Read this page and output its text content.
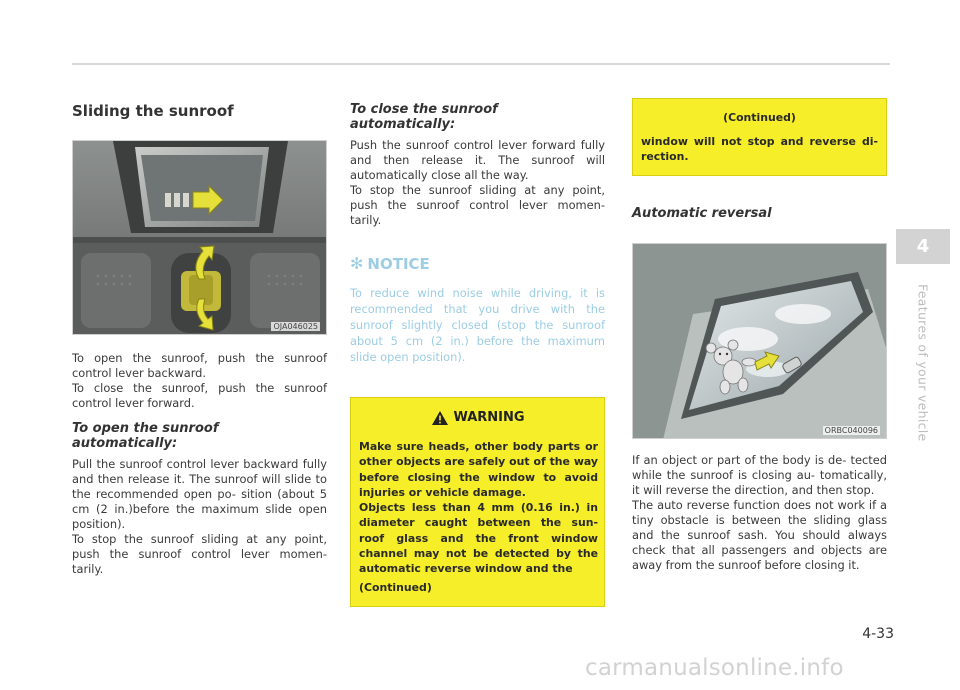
Sliding the sunroof
OJA046025

To open the sunroof, push the sunroof control lever backward.

To close the sunroof, push the sunroof control lever forward.

To open the sunroof automatically:

Pull the sunroof control lever backward fully and then release it. The sunroof will slide to the recommended open po- sition (about 5 cm (2 in.)before the maximum slide open position).

To stop the sunroof sliding at any point, push the sunroof control lever momen- tarily.

To close the sunroof automatically:

Push the sunroof control lever forward fully and then release it. The sunroof will automatically close all the way.

To stop the sunroof sliding at any point, push the sunroof control lever momen- tarily.

✻ NOTICE

To reduce wind noise while driving, it is recommended that you drive with the sunroof slightly closed (stop the sunroof about 5 cm (2 in.) before the maximum slide open position).

WARNING

Make sure heads, other body parts or other objects are safely out of the way before closing the window to avoid injuries or vehicle damage.

Objects less than 4 mm (0.16 in.) in diameter caught between the sun- roof glass and the front window channel may not be detected by the automatic reverse window and the

(Continued)

(Continued)

window will not stop and reverse di- rection.

Automatic reversal
ORBC040096

If an object or part of the body is de- tected while the sunroof is closing au- tomatically, it will reverse the direction, and then stop.

The auto reverse function does not work if a tiny obstacle is between the sliding glass and the sunroof sash. You should always check that all passengers and objects are away from the sunroof before closing it.

4
Features of your vehicle
4-33
carmanualsonline.info
